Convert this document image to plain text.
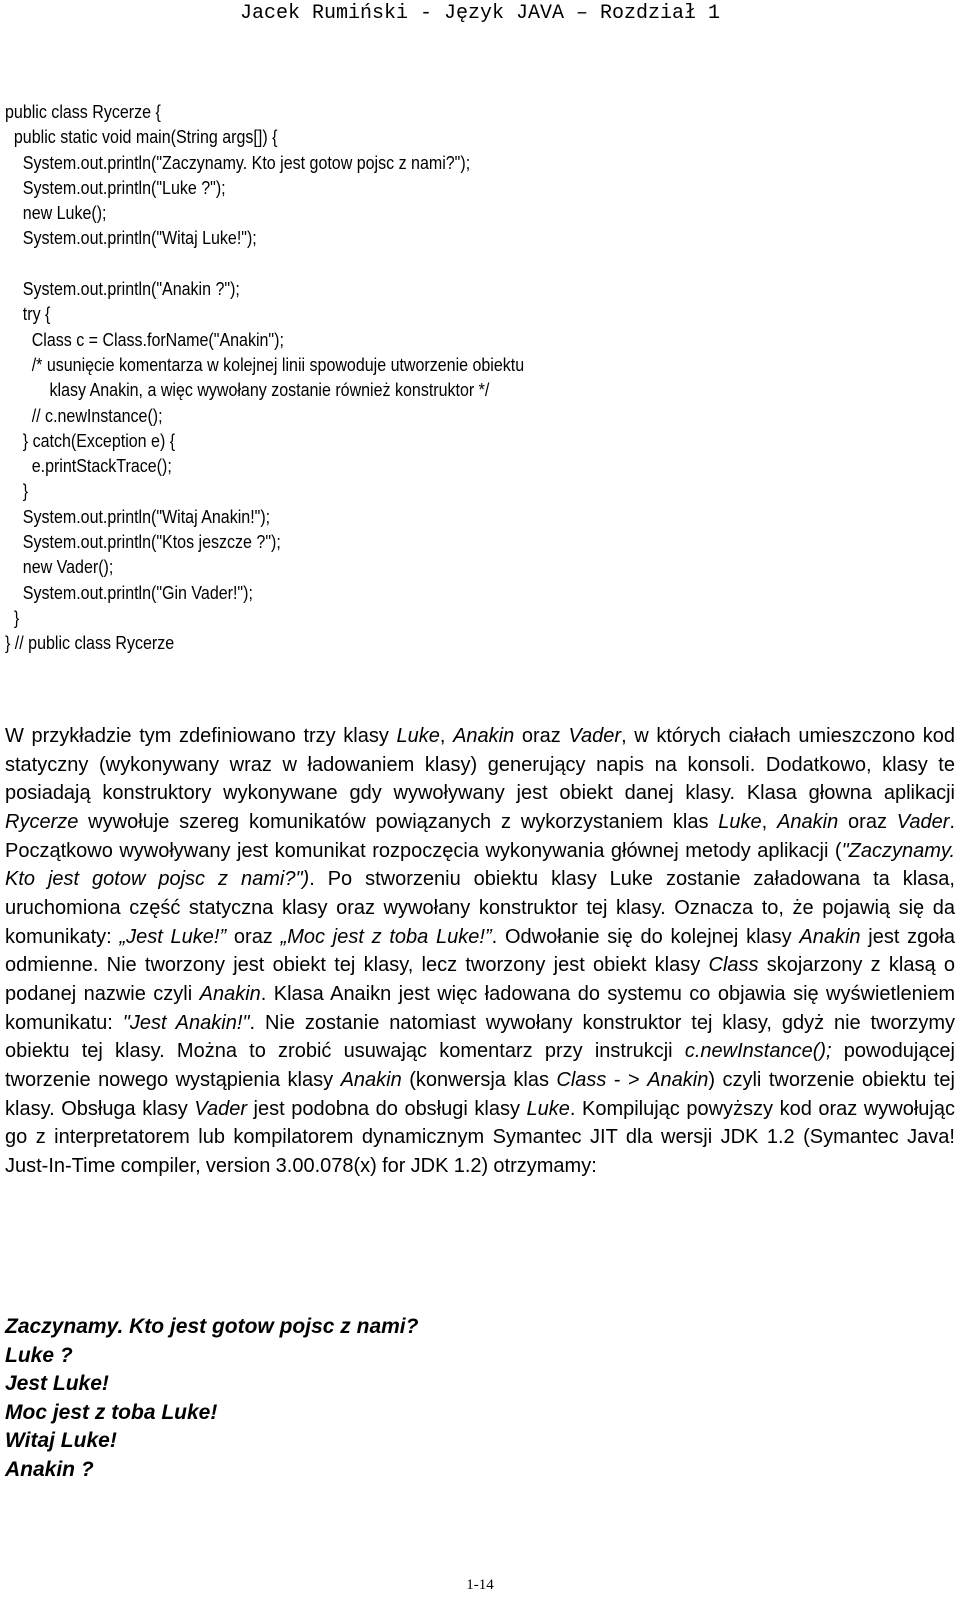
Jacek Rumiński - Język JAVA – Rozdział 1
public class Rycerze {
public static void main(String args[]) {
System.out.println("Zaczynamy. Kto jest gotow pojsc z nami?");
System.out.println("Luke ?");
new Luke();
System.out.println("Witaj Luke!");
System.out.println("Anakin ?");
try {
Class c = Class.forName("Anakin");
/* usunięcie komentarza w kolejnej linii spowoduje utworzenie obiektu
klasy Anakin, a więc wywołany zostanie również konstruktor */
// c.newInstance();
} catch(Exception e) {
e.printStackTrace();
}
System.out.println("Witaj Anakin!");
System.out.println("Ktos jeszcze ?");
new Vader();
System.out.println("Gin Vader!");
}
} // public class Rycerze
W przykładzie tym zdefiniowano trzy klasy Luke, Anakin oraz Vader, w których ciałach umieszczono kod statyczny (wykonywany wraz w ładowaniem klasy) generujący napis na konsoli. Dodatkowo, klasy te posiadają konstruktory wykonywane gdy wywoływany jest obiekt danej klasy. Klasa głowna aplikacji Rycerze wywołuje szereg komunikatów powiązanych z wykorzystaniem klas Luke, Anakin oraz Vader. Początkowo wywoływany jest komunikat rozpoczęcia wykonywania głównej metody aplikacji ("Zaczynamy. Kto jest gotow pojsc z nami?"). Po stworzeniu obiektu klasy Luke zostanie załadowana ta klasa, uruchomiona część statyczna klasy oraz wywołany konstruktor tej klasy. Oznacza to, że pojawią się da komunikaty: „Jest Luke!” oraz „Moc jest z toba Luke!”. Odwołanie się do kolejnej klasy Anakin jest zgoła odmienne. Nie tworzony jest obiekt tej klasy, lecz tworzony jest obiekt klasy Class skojarzony z klasą o podanej nazwie czyli Anakin. Klasa Anaikn jest więc ładowana do systemu co objawia się wyświetleniem komunikatu: "Jest Anakin!". Nie zostanie natomiast wywołany konstruktor tej klasy, gdyż nie tworzymy obiektu tej klasy. Można to zrobić usuwając komentarz przy instrukcji c.newInstance(); powodującej tworzenie nowego wystąpienia klasy Anakin (konwersja klas Class - > Anakin) czyli tworzenie obiektu tej klasy. Obsługa klasy Vader jest podobna do obsługi klasy Luke. Kompilując powyższy kod oraz wywołując go z interpretatorem lub kompilatorem dynamicznym Symantec JIT dla wersji JDK 1.2 (Symantec Java! Just-In-Time compiler, version 3.00.078(x) for JDK 1.2) otrzymamy:
Zaczynamy. Kto jest gotow pojsc z nami?
Luke ?
Jest Luke!
Moc jest z toba Luke!
Witaj Luke!
Anakin ?
1-14
